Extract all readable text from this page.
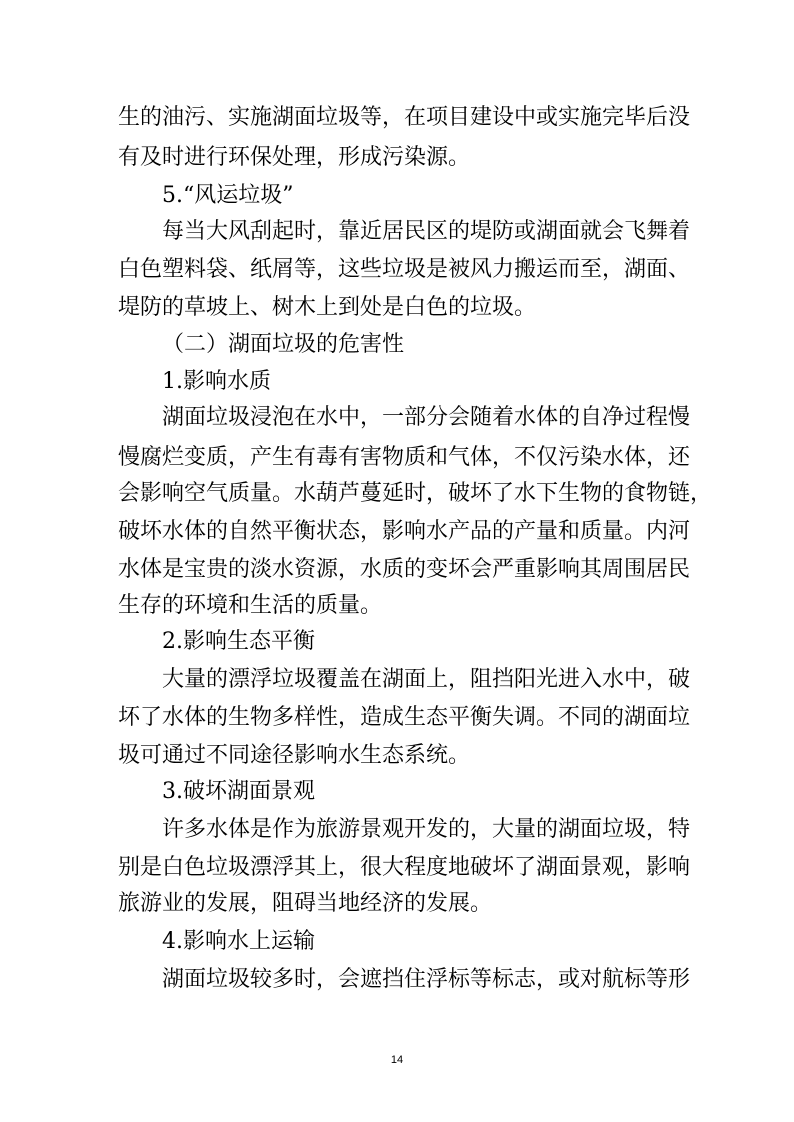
生的油污、实施湖面垃圾等，在项目建设中或实施完毕后没
有及时进行环保处理，形成污染源。
5.“风运垃圾”
每当大风刮起时，靠近居民区的堤防或湖面就会飞舞着
白色塑料袋、纸屑等，这些垃圾是被风力搬运而至，湖面、
堤防的草坡上、树木上到处是白色的垃圾。
（二）湖面垃圾的危害性
1.影响水质
湖面垃圾浸泡在水中，一部分会随着水体的自净过程慢
慢腐烂变质，产生有毒有害物质和气体，不仅污染水体，还
会影响空气质量。水葫芦蔓延时，破坏了水下生物的食物链，
破坏水体的自然平衡状态，影响水产品的产量和质量。内河
水体是宝贵的淡水资源，水质的变坏会严重影响其周围居民
生存的环境和生活的质量。
2.影响生态平衡
大量的漂浮垃圾覆盖在湖面上，阻挡阳光进入水中，破
坏了水体的生物多样性，造成生态平衡失调。不同的湖面垃
圾可通过不同途径影响水生态系统。
3.破坏湖面景观
许多水体是作为旅游景观开发的，大量的湖面垃圾，特
别是白色垃圾漂浮其上，很大程度地破坏了湖面景观，影响
旅游业的发展，阻碍当地经济的发展。
4.影响水上运输
湖面垃圾较多时，会遮挡住浮标等标志，或对航标等形
14
